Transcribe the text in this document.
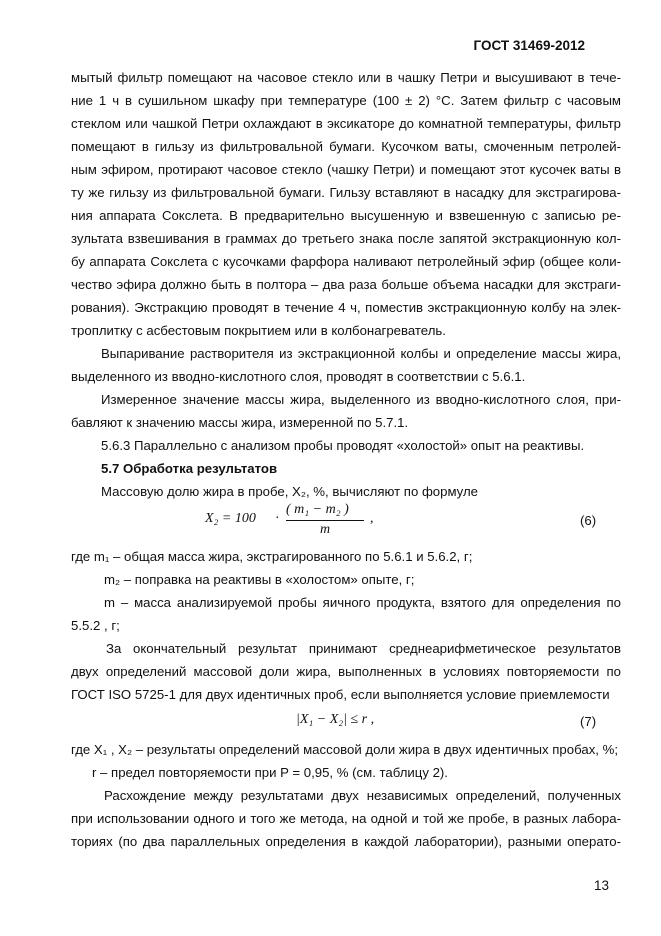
ГОСТ 31469-2012
мытый фильтр помещают на часовое стекло или в чашку Петри и высушивают в тече-
ние 1 ч в сушильном шкафу при температуре (100 ± 2) °С. Затем фильтр с часовым
стеклом или чашкой Петри охлаждают в эксикаторе до комнатной температуры, фильтр
помещают в гильзу из фильтровальной бумаги. Кусочком ваты, смоченным петролей-
ным эфиром, протирают часовое стекло (чашку Петри) и помещают этот кусочек ваты в
ту же гильзу из фильтровальной бумаги. Гильзу вставляют в насадку для экстрагирова-
ния аппарата Сокслета. В предварительно высушенную и взвешенную с записью ре-
зультата взвешивания в граммах до третьего знака после запятой экстракционную кол-
бу аппарата Сокслета с кусочками фарфора наливают петролейный эфир (общее коли-
чество эфира должно быть в полтора – два раза больше объема насадки для экстраги-
рования). Экстракцию проводят в течение 4 ч, поместив экстракционную колбу на элек-
троплитку с асбестовым покрытием или в колбонагреватель.
Выпаривание растворителя из экстракционной колбы и определение массы жира,
выделенного из вводно-кислотного слоя, проводят в соответствии с 5.6.1.
Измеренное значение массы жира, выделенного из вводно-кислотного слоя, при-
бавляют к значению массы жира, измеренной по 5.7.1.
5.6.3 Параллельно с анализом пробы проводят «холостой» опыт на реактивы.
5.7 Обработка результатов
Массовую долю жира в пробе, X₂, %, вычисляют по формуле
X₂ = 100 ·
( m₁ − m₂ )
m
,	(6)
где m₁ – общая масса жира, экстрагированного по 5.6.1 и 5.6.2, г;
m₂ – поправка на реактивы в «холостом» опыте, г;
m – масса анализируемой пробы яичного продукта, взятого для определения по
5.5.2 , г;
За окончательный результат принимают среднеарифметическое результатов
двух определений массовой доли жира, выполненных в условиях повторяемости по
ГОСТ ISO 5725-1 для двух идентичных проб, если выполняется условие приемлемости
|X₁ − X₂| ≤ r ,	(7)
где X₁ , X₂ – результаты определений массовой доли жира в двух идентичных пробах, %;
r – предел повторяемости при P = 0,95, % (см. таблицу 2).
Расхождение между результатами двух независимых определений, полученных
при использовании одного и того же метода, на одной и той же пробе, в разных лабора-
ториях (по два параллельных определения в каждой лаборатории), разными операто-
13
